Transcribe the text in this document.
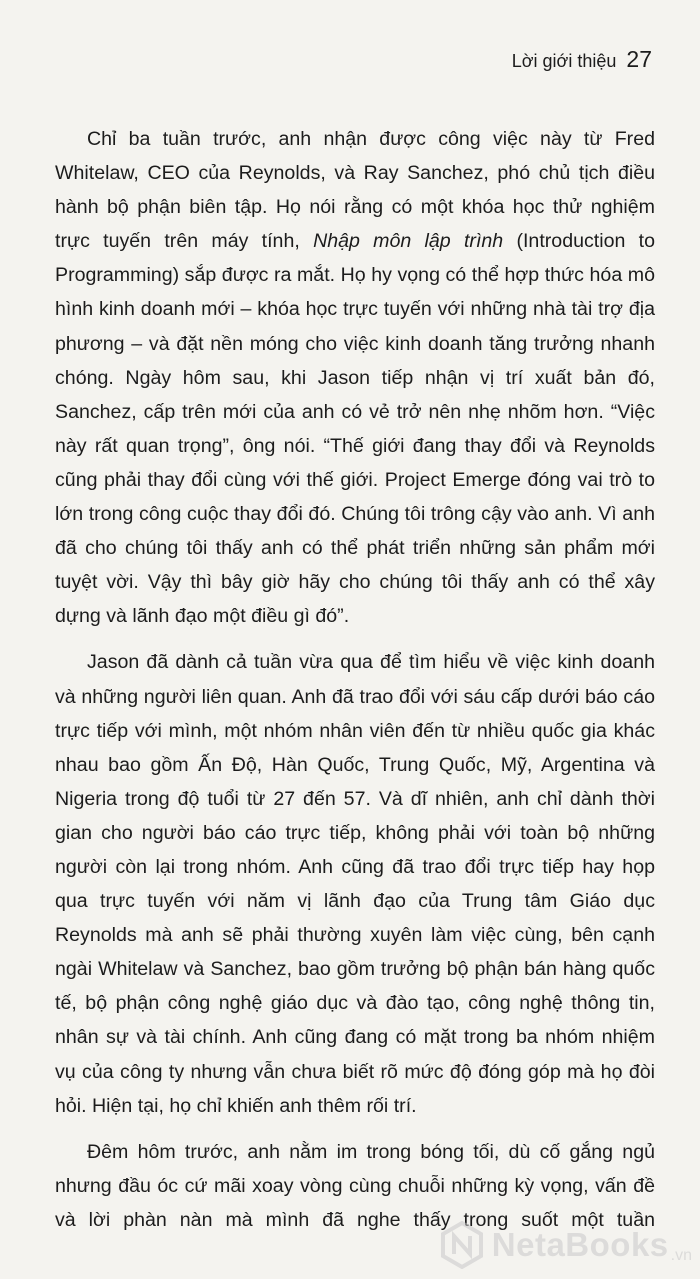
Lời giới thiệu 27

Chỉ ba tuần trước, anh nhận được công việc này từ Fred Whitelaw, CEO của Reynolds, và Ray Sanchez, phó chủ tịch điều hành bộ phận biên tập. Họ nói rằng có một khóa học thử nghiệm trực tuyến trên máy tính, Nhập môn lập trình (Introduction to Programming) sắp được ra mắt. Họ hy vọng có thể hợp thức hóa mô hình kinh doanh mới – khóa học trực tuyến với những nhà tài trợ địa phương – và đặt nền móng cho việc kinh doanh tăng trưởng nhanh chóng. Ngày hôm sau, khi Jason tiếp nhận vị trí xuất bản đó, Sanchez, cấp trên mới của anh có vẻ trở nên nhẹ nhõm hơn. “Việc này rất quan trọng”, ông nói. “Thế giới đang thay đổi và Reynolds cũng phải thay đổi cùng với thế giới. Project Emerge đóng vai trò to lớn trong công cuộc thay đổi đó. Chúng tôi trông cậy vào anh. Vì anh đã cho chúng tôi thấy anh có thể phát triển những sản phẩm mới tuyệt vời. Vậy thì bây giờ hãy cho chúng tôi thấy anh có thể xây dựng và lãnh đạo một điều gì đó”.

Jason đã dành cả tuần vừa qua để tìm hiểu về việc kinh doanh và những người liên quan. Anh đã trao đổi với sáu cấp dưới báo cáo trực tiếp với mình, một nhóm nhân viên đến từ nhiều quốc gia khác nhau bao gồm Ấn Độ, Hàn Quốc, Trung Quốc, Mỹ, Argentina và Nigeria trong độ tuổi từ 27 đến 57. Và dĩ nhiên, anh chỉ dành thời gian cho người báo cáo trực tiếp, không phải với toàn bộ những người còn lại trong nhóm. Anh cũng đã trao đổi trực tiếp hay họp qua trực tuyến với năm vị lãnh đạo của Trung tâm Giáo dục Reynolds mà anh sẽ phải thường xuyên làm việc cùng, bên cạnh ngài Whitelaw và Sanchez, bao gồm trưởng bộ phận bán hàng quốc tế, bộ phận công nghệ giáo dục và đào tạo, công nghệ thông tin, nhân sự và tài chính. Anh cũng đang có mặt trong ba nhóm nhiệm vụ của công ty nhưng vẫn chưa biết rõ mức độ đóng góp mà họ đòi hỏi. Hiện tại, họ chỉ khiến anh thêm rối trí.

Đêm hôm trước, anh nằm im trong bóng tối, dù cố gắng ngủ nhưng đầu óc cứ mãi xoay vòng cùng chuỗi những kỳ vọng, vấn đề và lời phàn nàn mà mình đã nghe thấy trong suốt một tuần

NetaBooks .vn
